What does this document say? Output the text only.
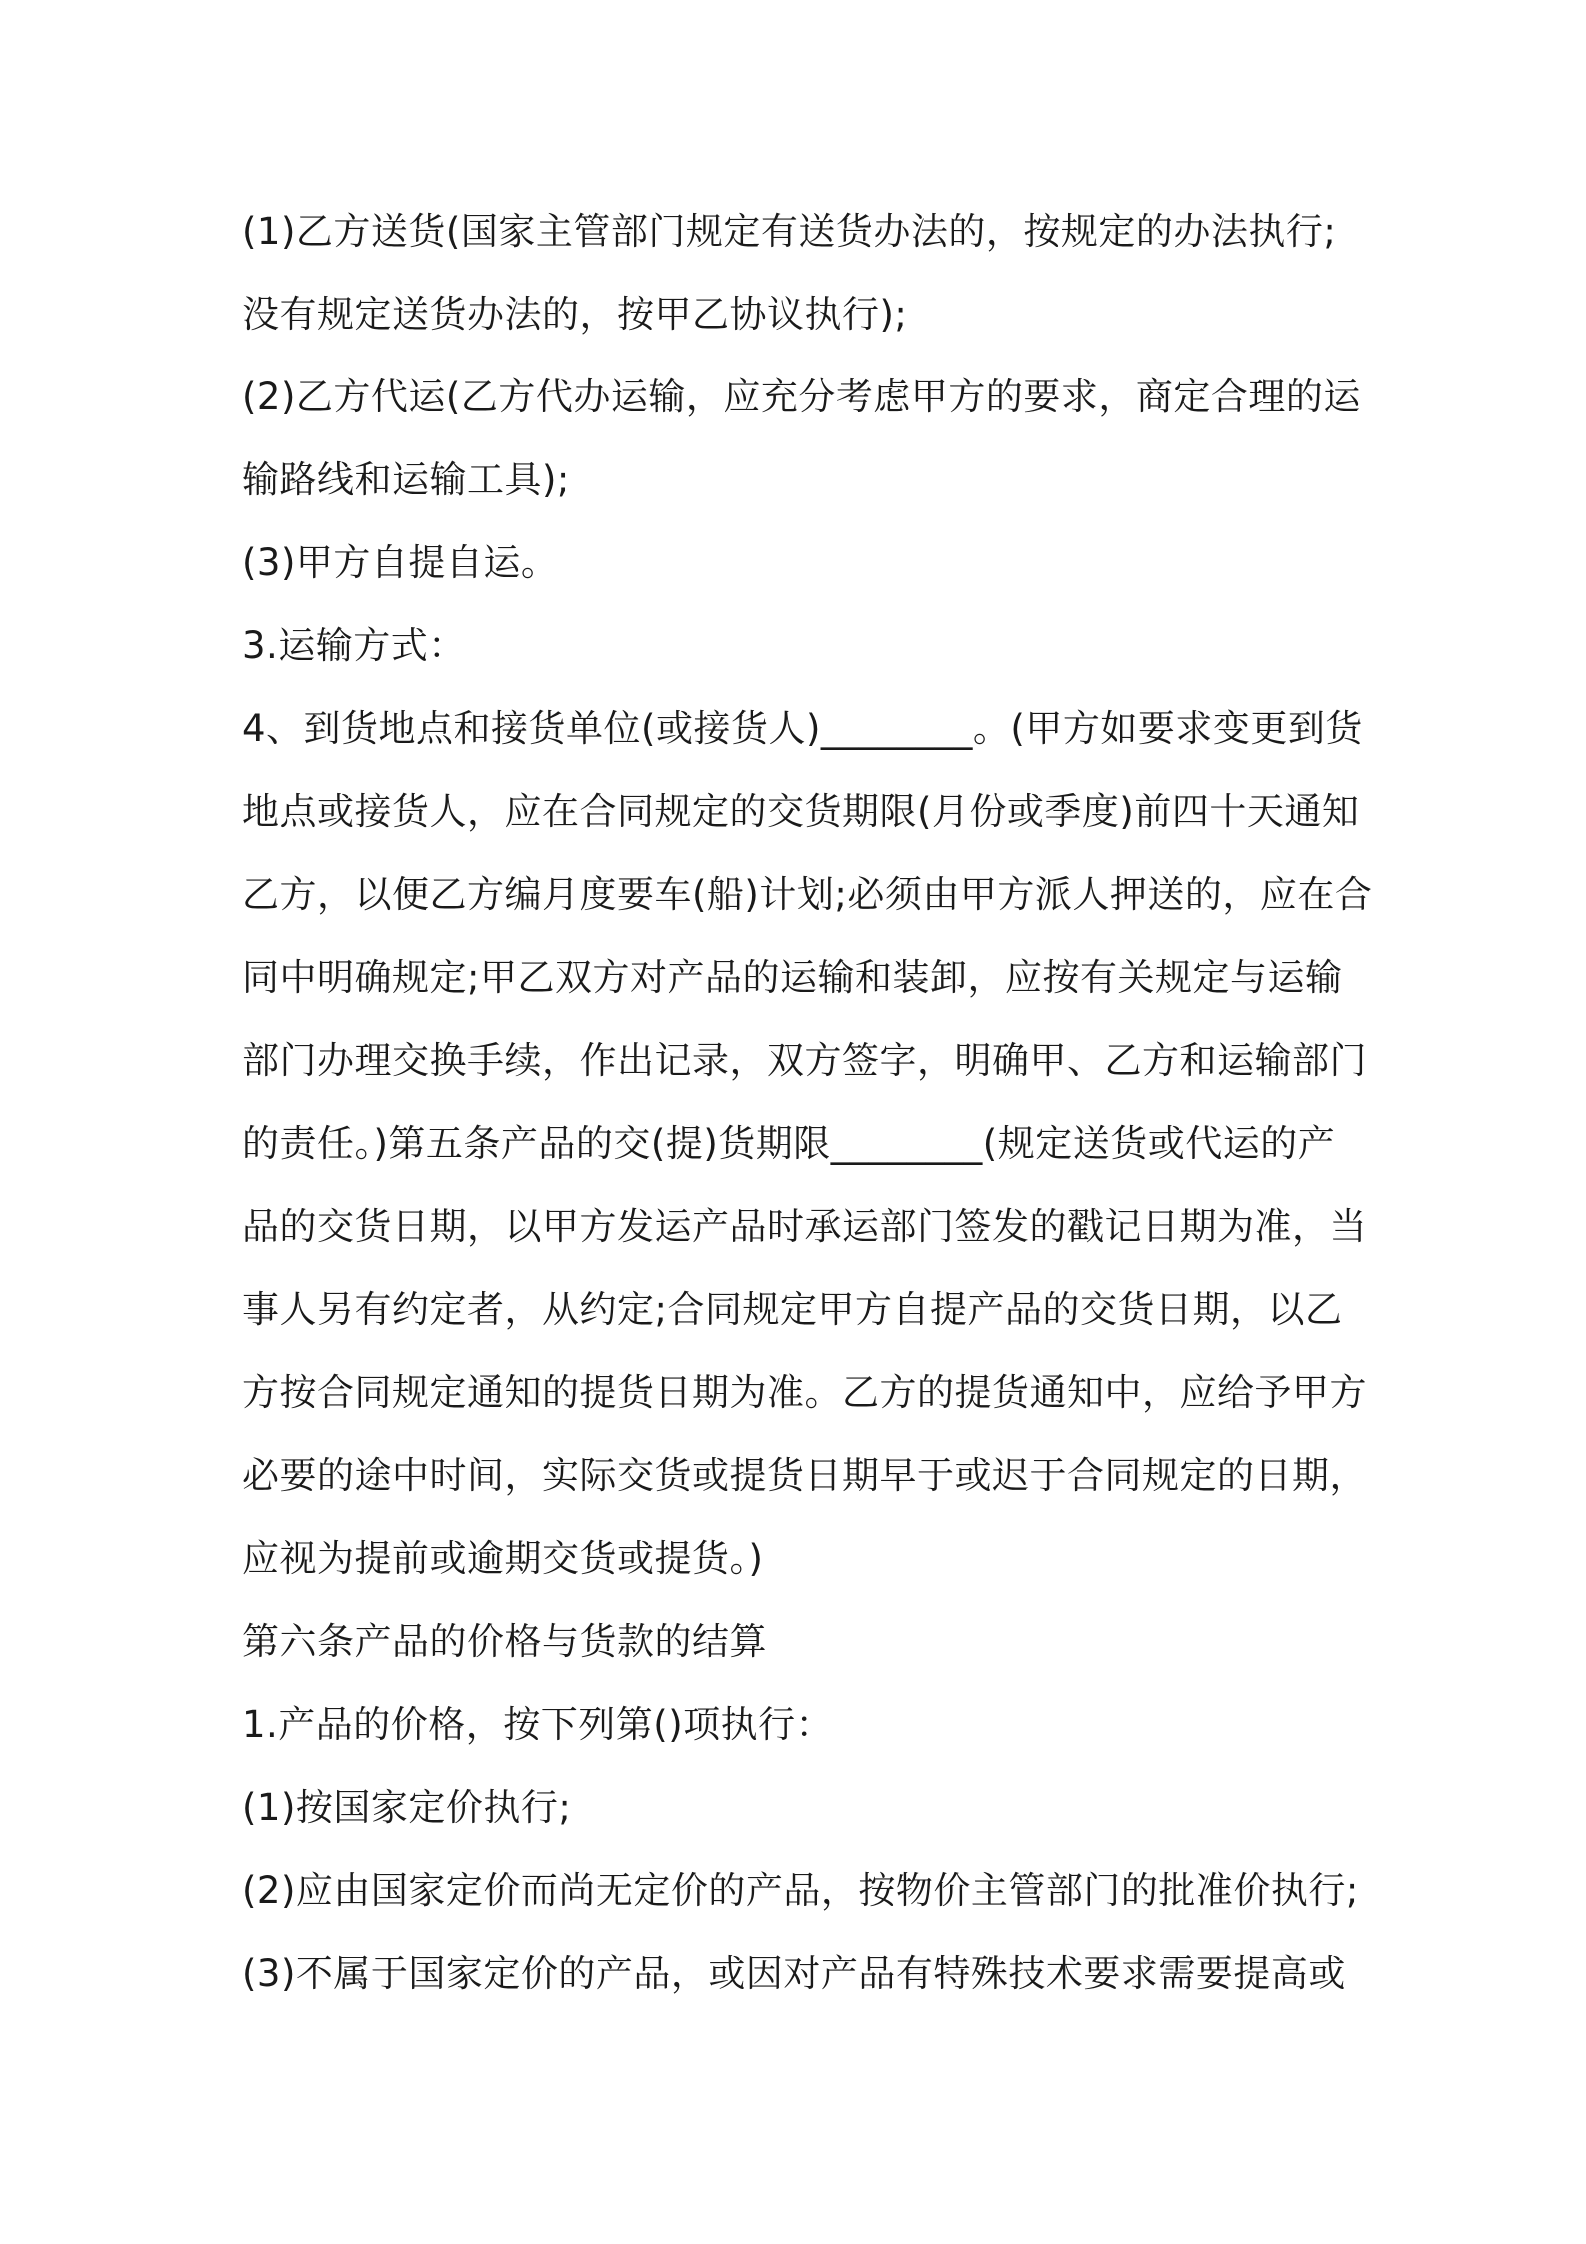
(1)乙方送货(国家主管部门规定有送货办法的，按规定的办法执行;
没有规定送货办法的，按甲乙协议执行);
(2)乙方代运(乙方代办运输，应充分考虑甲方的要求，商定合理的运
输路线和运输工具);
(3)甲方自提自运。
3.运输方式：
4、到货地点和接货单位(或接货人)________。(甲方如要求变更到货
地点或接货人，应在合同规定的交货期限(月份或季度)前四十天通知
乙方，以便乙方编月度要车(船)计划;必须由甲方派人押送的，应在合
同中明确规定;甲乙双方对产品的运输和装卸，应按有关规定与运输
部门办理交换手续，作出记录，双方签字，明确甲、乙方和运输部门
的责任。)第五条产品的交(提)货期限________(规定送货或代运的产
品的交货日期，以甲方发运产品时承运部门签发的戳记日期为准，当
事人另有约定者，从约定;合同规定甲方自提产品的交货日期，以乙
方按合同规定通知的提货日期为准。乙方的提货通知中，应给予甲方
必要的途中时间，实际交货或提货日期早于或迟于合同规定的日期，
应视为提前或逾期交货或提货。)
第六条产品的价格与货款的结算
1.产品的价格，按下列第()项执行：
(1)按国家定价执行;
(2)应由国家定价而尚无定价的产品，按物价主管部门的批准价执行;
(3)不属于国家定价的产品，或因对产品有特殊技术要求需要提高或
